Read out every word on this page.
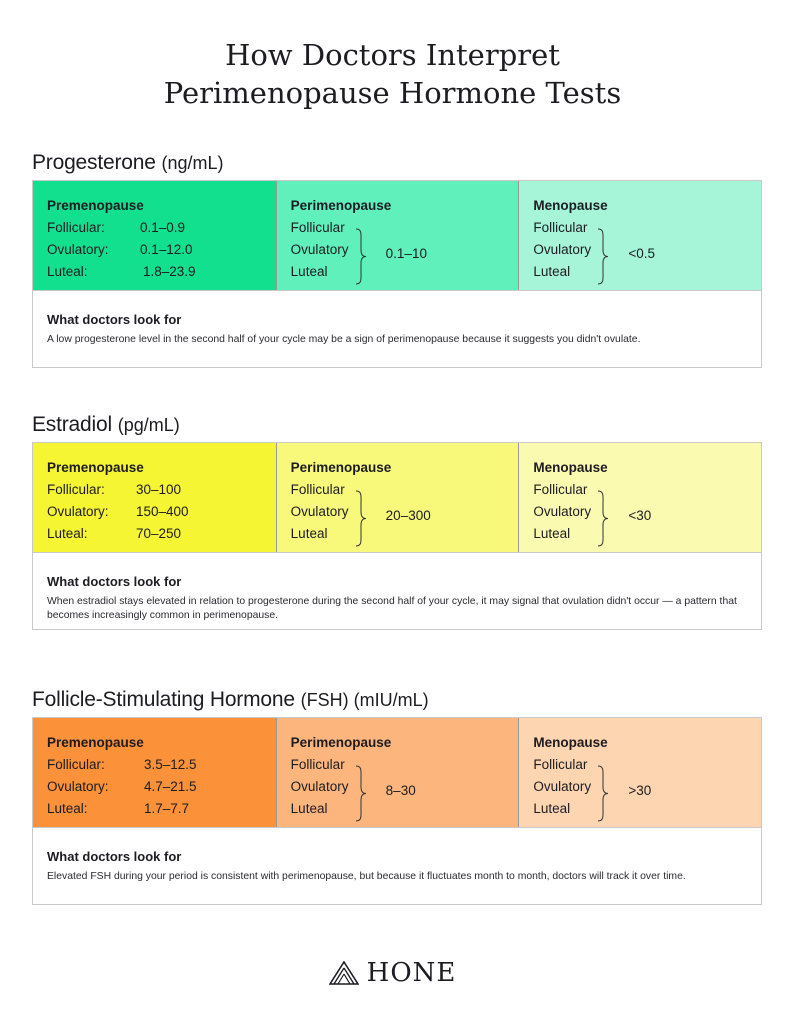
How Doctors Interpret
Perimenopause Hormone Tests
Progesterone (ng/mL)
Premenopause
Follicular:	0.1–0.9
Ovulatory:	0.1–12.0
Luteal:	1.8–23.9
Perimenopause
Follicular
Ovulatory
Luteal
0.1–10
Menopause
Follicular
Ovulatory
Luteal
<0.5
What doctors look for
A low progesterone level in the second half of your cycle may be a sign of perimenopause because it suggests you didn't ovulate.
Estradiol (pg/mL)
Premenopause
Follicular:	30–100
Ovulatory:	150–400
Luteal:	70–250
Perimenopause
Follicular
Ovulatory
Luteal
20–300
Menopause
Follicular
Ovulatory
Luteal
<30
What doctors look for
When estradiol stays elevated in relation to progesterone during the second half of your cycle, it may signal that ovulation didn't occur — a pattern that becomes increasingly common in perimenopause.
Follicle-Stimulating Hormone (FSH) (mIU/mL)
Premenopause
Follicular:	3.5–12.5
Ovulatory:	4.7–21.5
Luteal:	1.7–7.7
Perimenopause
Follicular
Ovulatory
Luteal
8–30
Menopause
Follicular
Ovulatory
Luteal
>30
What doctors look for
Elevated FSH during your period is consistent with perimenopause, but because it fluctuates month to month, doctors will track it over time.
HONE
